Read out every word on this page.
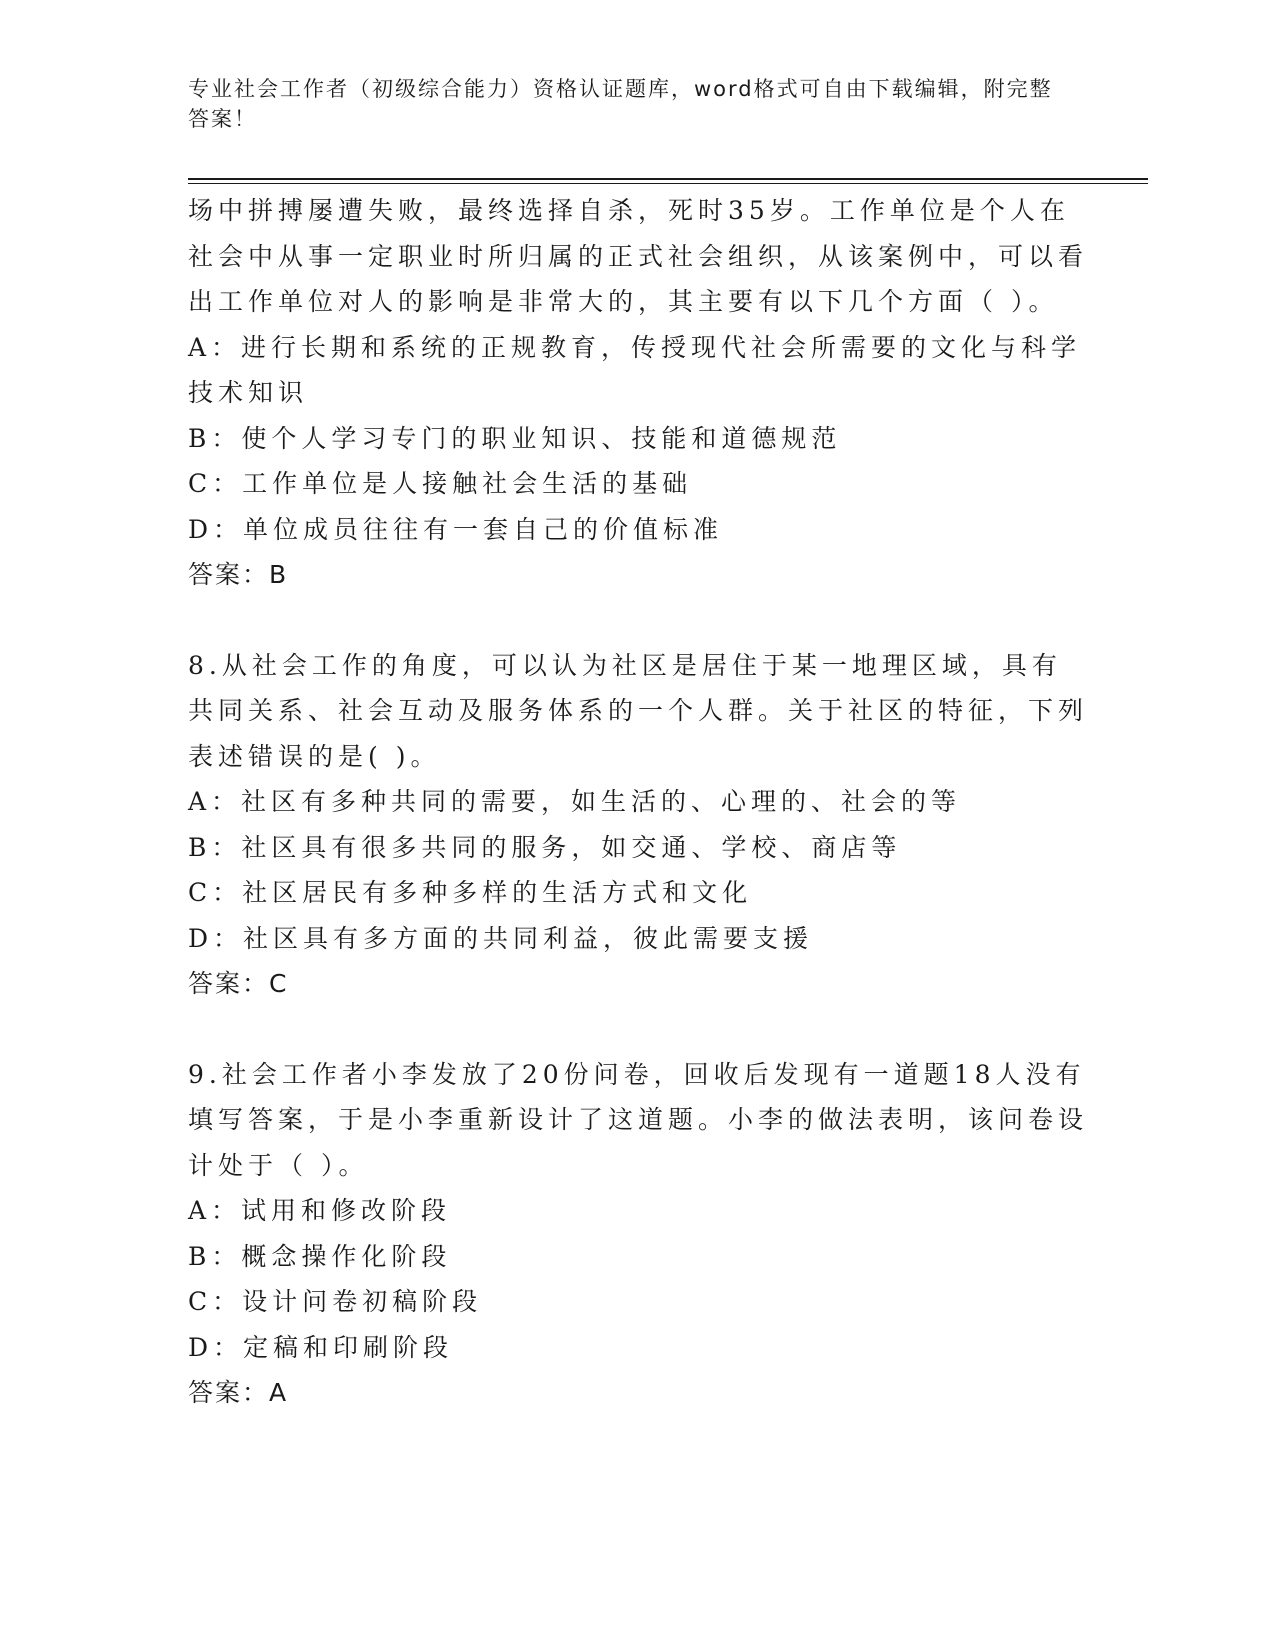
专业社会工作者（初级综合能力）资格认证题库，word格式可自由下载编辑，附完整答案！

场中拼搏屡遭失败，最终选择自杀，死时35岁。工作单位是个人在社会中从事一定职业时所归属的正式社会组织，从该案例中，可以看出工作单位对人的影响是非常大的，其主要有以下几个方面（ ）。

A：进行长期和系统的正规教育，传授现代社会所需要的文化与科学技术知识

B：使个人学习专门的职业知识、技能和道德规范

C：工作单位是人接触社会生活的基础

D：单位成员往往有一套自己的价值标准

答案：B

8.从社会工作的角度，可以认为社区是居住于某一地理区域，具有共同关系、社会互动及服务体系的一个人群。关于社区的特征，下列表述错误的是( )。

A：社区有多种共同的需要，如生活的、心理的、社会的等

B：社区具有很多共同的服务，如交通、学校、商店等

C：社区居民有多种多样的生活方式和文化

D：社区具有多方面的共同利益，彼此需要支援

答案：C

9.社会工作者小李发放了20份问卷，回收后发现有一道题18人没有填写答案，于是小李重新设计了这道题。小李的做法表明，该问卷设计处于（ ）。

A：试用和修改阶段

B：概念操作化阶段

C：设计问卷初稿阶段

D：定稿和印刷阶段

答案：A
